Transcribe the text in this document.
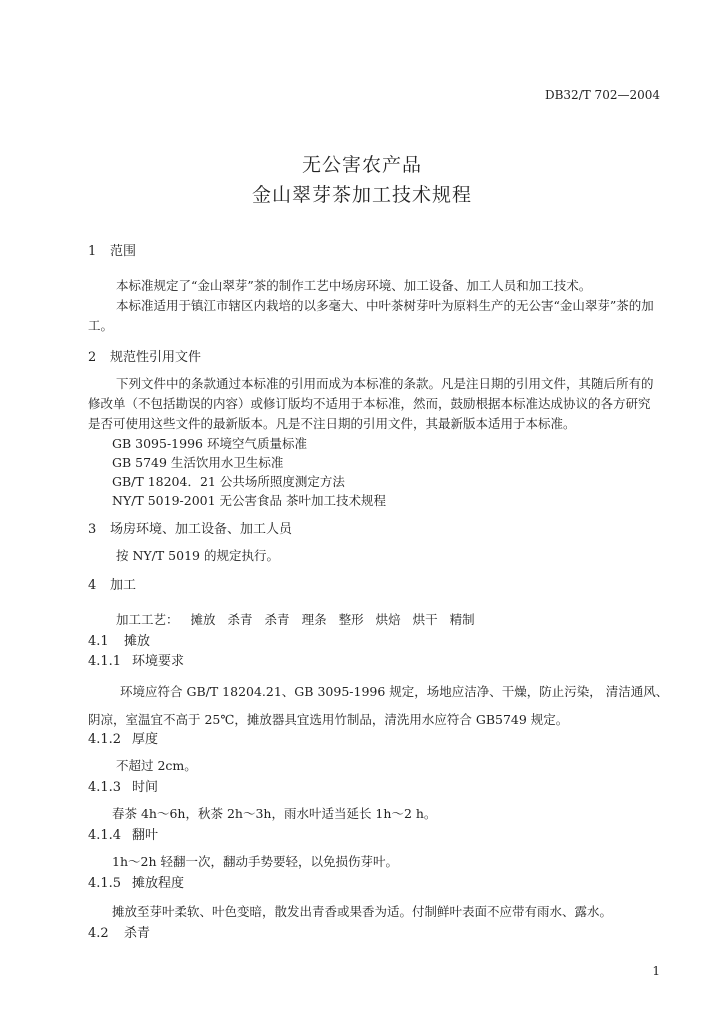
DB32/T 702—2004
无公害农产品
金山翠芽茶加工技术规程
1 范围
本标准规定了“金山翠芽”茶的制作工艺中场房环境、加工设备、加工人员和加工技术。
本标准适用于镇江市辖区内栽培的以多毫大、中叶茶树芽叶为原料生产的无公害“金山翠芽”茶的加
工。
2 规范性引用文件
下列文件中的条款通过本标准的引用而成为本标准的条款。凡是注日期的引用文件，其随后所有的
修改单（不包括勘误的内容）或修订版均不适用于本标准，然而，鼓励根据本标准达成协议的各方研究
是否可使用这些文件的最新版本。凡是不注日期的引用文件，其最新版本适用于本标准。
GB 3095-1996 环境空气质量标准
GB 5749 生活饮用水卫生标准
GB/T 18204．21 公共场所照度测定方法
NY/T 5019-2001 无公害食品 茶叶加工技术规程
3 场房环境、加工设备、加工人员
按 NY/T 5019 的规定执行。
4 加工
加工工艺： 摊放 杀青 杀青 理条 整形 烘焙 烘干 精制
4.1 摊放
4.1.1 环境要求
环境应符合 GB/T 18204.21、GB 3095-1996 规定，场地应洁净、干燥，防止污染， 清洁通风、
阴凉，室温宜不高于 25℃，摊放器具宜选用竹制品，清洗用水应符合 GB5749 规定。
4.1.2 厚度
不超过 2cm。
4.1.3 时间
春茶 4h～6h，秋茶 2h～3h，雨水叶适当延长 1h～2 h。
4.1.4 翻叶
1h～2h 轻翻一次，翻动手势要轻，以免损伤芽叶。
4.1.5 摊放程度
摊放至芽叶柔软、叶色变暗，散发出青香或果香为适。付制鲜叶表面不应带有雨水、露水。
4.2 杀青
1
